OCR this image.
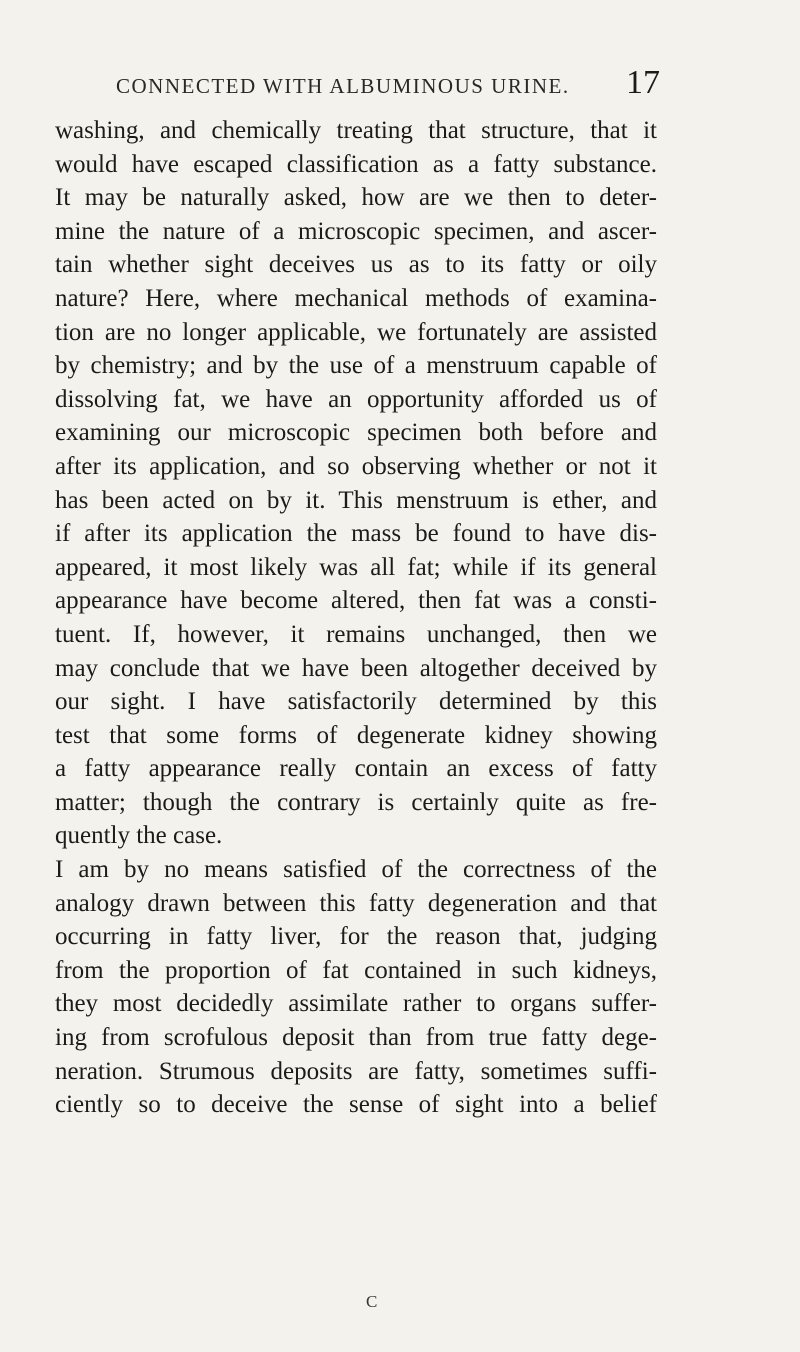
CONNECTED WITH ALBUMINOUS URINE. 17
washing, and chemically treating that structure, that it
would have escaped classification as a fatty substance.
It may be naturally asked, how are we then to deter-
mine the nature of a microscopic specimen, and ascer-
tain whether sight deceives us as to its fatty or oily
nature? Here, where mechanical methods of examina-
tion are no longer applicable, we fortunately are assisted
by chemistry; and by the use of a menstruum capable of
dissolving fat, we have an opportunity afforded us of
examining our microscopic specimen both before and
after its application, and so observing whether or not it
has been acted on by it. This menstruum is ether, and
if after its application the mass be found to have dis-
appeared, it most likely was all fat; while if its general
appearance have become altered, then fat was a consti-
tuent. If, however, it remains unchanged, then we
may conclude that we have been altogether deceived by
our sight. I have satisfactorily determined by this
test that some forms of degenerate kidney showing
a fatty appearance really contain an excess of fatty
matter; though the contrary is certainly quite as fre-
quently the case.
I am by no means satisfied of the correctness of the
analogy drawn between this fatty degeneration and that
occurring in fatty liver, for the reason that, judging
from the proportion of fat contained in such kidneys,
they most decidedly assimilate rather to organs suffer-
ing from scrofulous deposit than from true fatty dege-
neration. Strumous deposits are fatty, sometimes suffi-
ciently so to deceive the sense of sight into a belief
C
